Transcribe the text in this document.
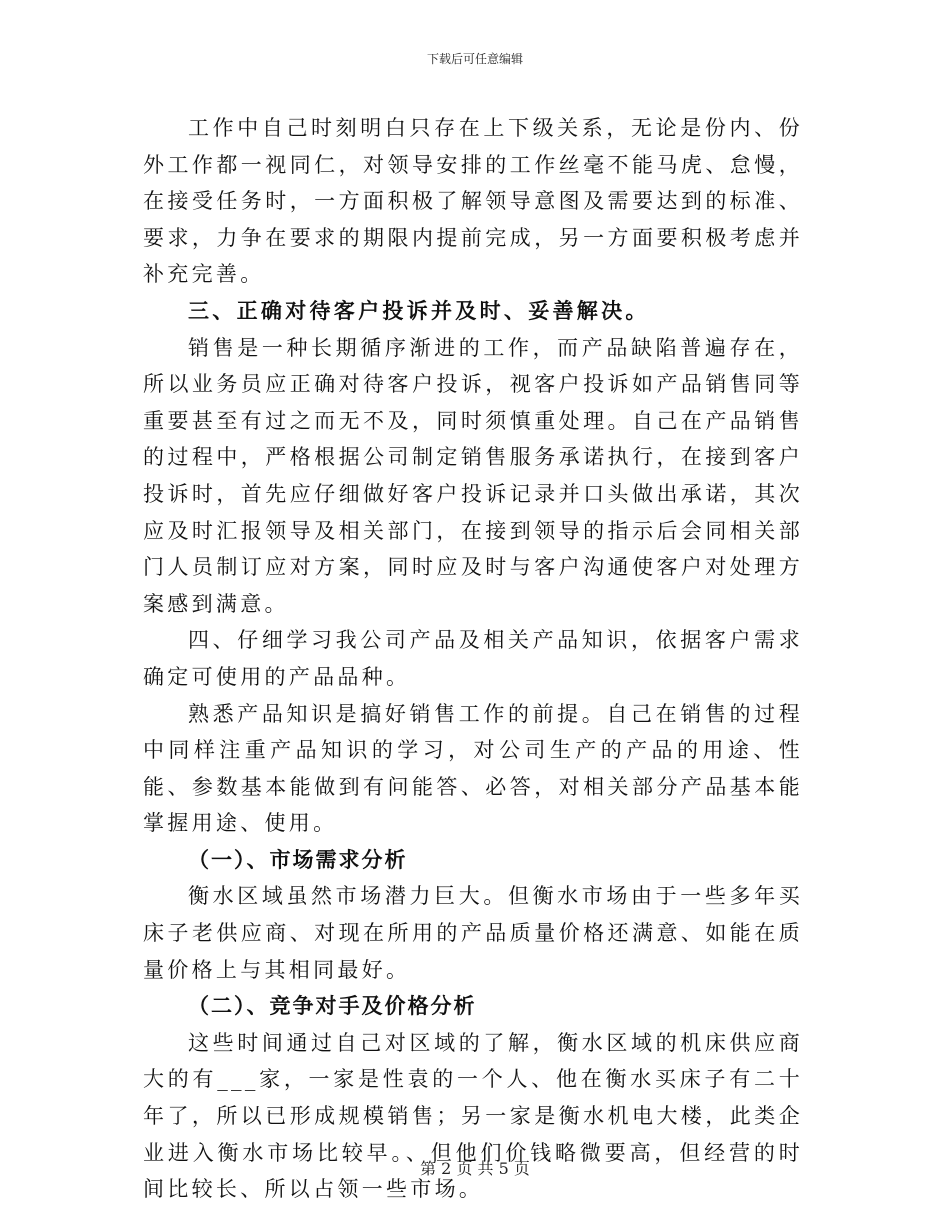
下载后可任意编辑

工作中自己时刻明白只存在上下级关系，无论是份内、份外工作都一视同仁，对领导安排的工作丝毫不能马虎、怠慢，在接受任务时，一方面积极了解领导意图及需要达到的标准、要求，力争在要求的期限内提前完成，另一方面要积极考虑并补充完善。

三、正确对待客户投诉并及时、妥善解决。

销售是一种长期循序渐进的工作，而产品缺陷普遍存在，所以业务员应正确对待客户投诉，视客户投诉如产品销售同等重要甚至有过之而无不及，同时须慎重处理。自己在产品销售的过程中，严格根据公司制定销售服务承诺执行，在接到客户投诉时，首先应仔细做好客户投诉记录并口头做出承诺，其次应及时汇报领导及相关部门，在接到领导的指示后会同相关部门人员制订应对方案，同时应及时与客户沟通使客户对处理方案感到满意。

四、仔细学习我公司产品及相关产品知识，依据客户需求确定可使用的产品品种。

熟悉产品知识是搞好销售工作的前提。自己在销售的过程中同样注重产品知识的学习，对公司生产的产品的用途、性能、参数基本能做到有问能答、必答，对相关部分产品基本能掌握用途、使用。

（一）、市场需求分析

衡水区域虽然市场潜力巨大。但衡水市场由于一些多年买床子老供应商、对现在所用的产品质量价格还满意、如能在质量价格上与其相同最好。

（二）、竞争对手及价格分析

这些时间通过自己对区域的了解，衡水区域的机床供应商大的有___家，一家是性袁的一个人、他在衡水买床子有二十年了，所以已形成规模销售；另一家是衡水机电大楼，此类企业进入衡水市场比较早。、但他们价钱略微要高，但经营的时间比较长、所以占领一些市场。

第 2 页 共 5 页
